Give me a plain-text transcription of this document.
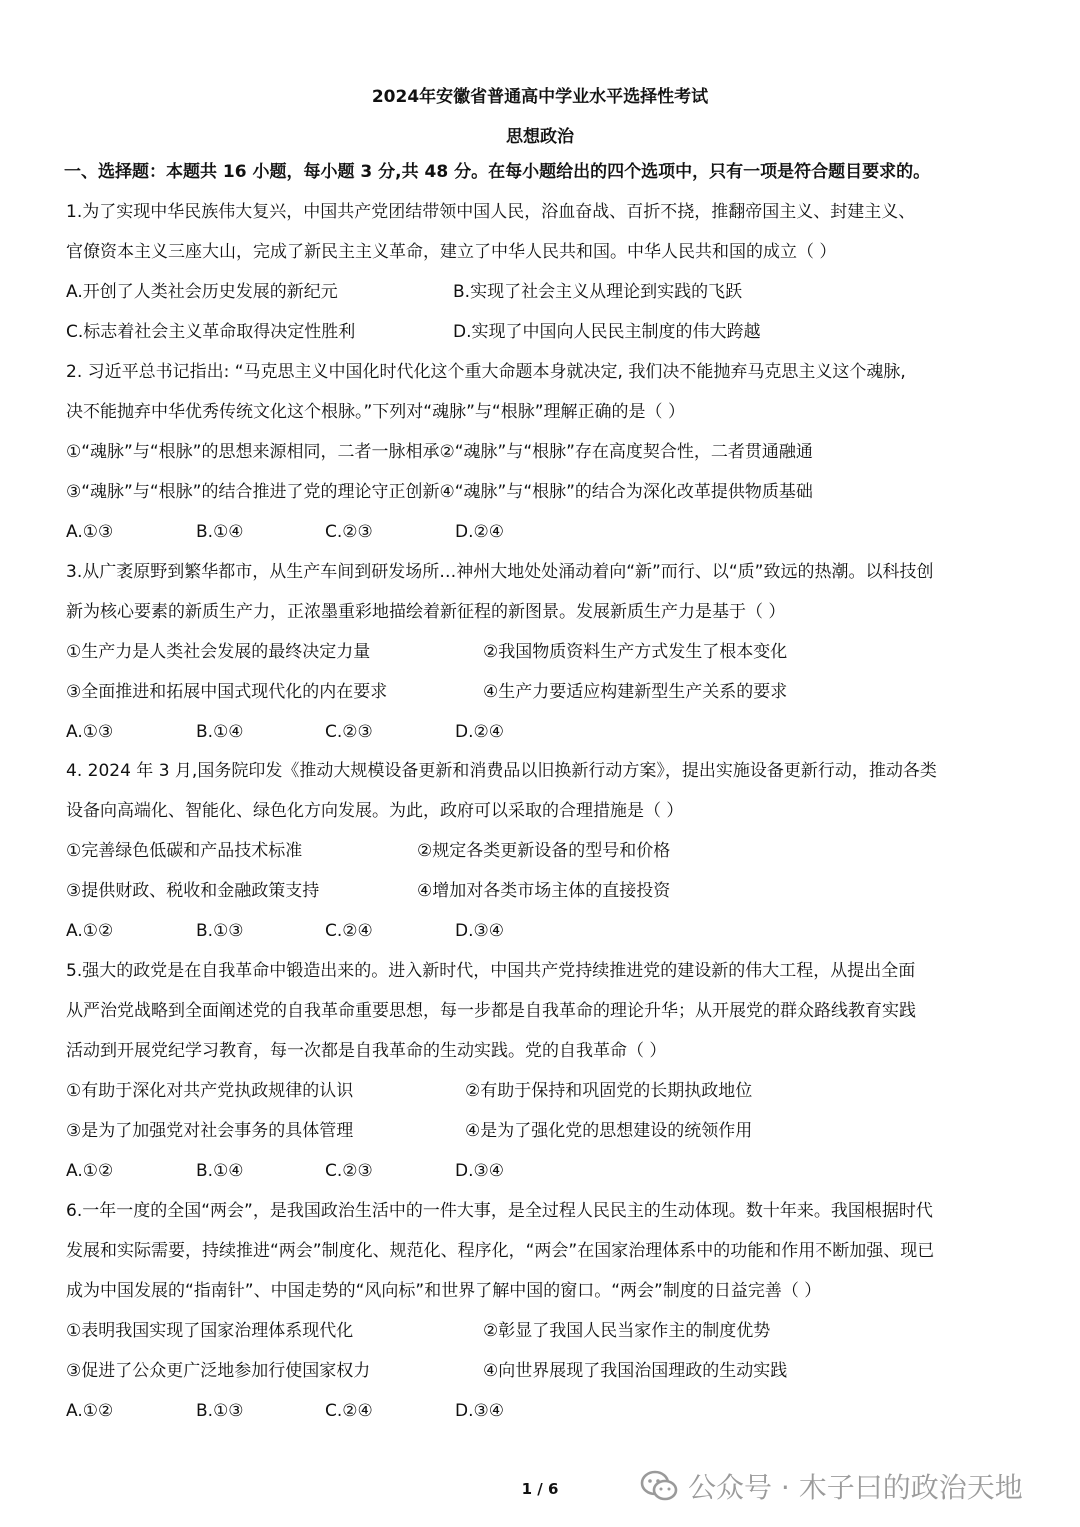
2024年安徽省普通高中学业水平选择性考试
思想政治
一、选择题：本题共 16 小题，每小题 3 分,共 48 分。在每小题给出的四个选项中，只有一项是符合题目要求的。
1.为了实现中华民族伟大复兴，中国共产党团结带领中国人民，浴血奋战、百折不挠，推翻帝国主义、封建主义、
官僚资本主义三座大山，完成了新民主主义革命，建立了中华人民共和国。中华人民共和国的成立（ ）
A.开创了人类社会历史发展的新纪元	B.实现了社会主义从理论到实践的飞跃
C.标志着社会主义革命取得决定性胜利	D.实现了中国向人民民主制度的伟大跨越
2. 习近平总书记指出: “马克思主义中国化时代化这个重大命题本身就决定, 我们决不能抛弃马克思主义这个魂脉,
决不能抛弃中华优秀传统文化这个根脉。”下列对“魂脉”与“根脉”理解正确的是（ ）
①“魂脉”与“根脉”的思想来源相同，二者一脉相承②“魂脉”与“根脉”存在高度契合性，二者贯通融通
③“魂脉”与“根脉”的结合推进了党的理论守正创新④“魂脉”与“根脉”的结合为深化改革提供物质基础
A.①③	B.①④	C.②③	D.②④
3.从广袤原野到繁华都市，从生产车间到研发场所…神州大地处处涌动着向“新”而行、以“质”致远的热潮。以科技创
新为核心要素的新质生产力，正浓墨重彩地描绘着新征程的新图景。发展新质生产力是基于（ ）
①生产力是人类社会发展的最终决定力量	②我国物质资料生产方式发生了根本变化
③全面推进和拓展中国式现代化的内在要求	④生产力要适应构建新型生产关系的要求
A.①③	B.①④	C.②③	D.②④
4. 2024 年 3 月,国务院印发《推动大规模设备更新和消费品以旧换新行动方案》，提出实施设备更新行动，推动各类
设备向高端化、智能化、绿色化方向发展。为此，政府可以采取的合理措施是（ ）
①完善绿色低碳和产品技术标准	②规定各类更新设备的型号和价格
③提供财政、税收和金融政策支持	④增加对各类市场主体的直接投资
A.①②	B.①③	C.②④	D.③④
5.强大的政党是在自我革命中锻造出来的。进入新时代，中国共产党持续推进党的建设新的伟大工程，从提出全面
从严治党战略到全面阐述党的自我革命重要思想，每一步都是自我革命的理论升华；从开展党的群众路线教育实践
活动到开展党纪学习教育，每一次都是自我革命的生动实践。党的自我革命（ ）
①有助于深化对共产党执政规律的认识	②有助于保持和巩固党的长期执政地位
③是为了加强党对社会事务的具体管理	④是为了强化党的思想建设的统领作用
A.①②	B.①④	C.②③	D.③④
6.一年一度的全国“两会”，是我国政治生活中的一件大事，是全过程人民民主的生动体现。数十年来。我国根据时代
发展和实际需要，持续推进“两会”制度化、规范化、程序化，“两会”在国家治理体系中的功能和作用不断加强、现已
成为中国发展的“指南针”、中国走势的“风向标”和世界了解中国的窗口。“两会”制度的日益完善（ ）
①表明我国实现了国家治理体系现代化	②彰显了我国人民当家作主的制度优势
③促进了公众更广泛地参加行使国家权力	④向世界展现了我国治国理政的生动实践
A.①②	B.①③	C.②④	D.③④
1 / 6	公众号 · 木子曰的政治天地
